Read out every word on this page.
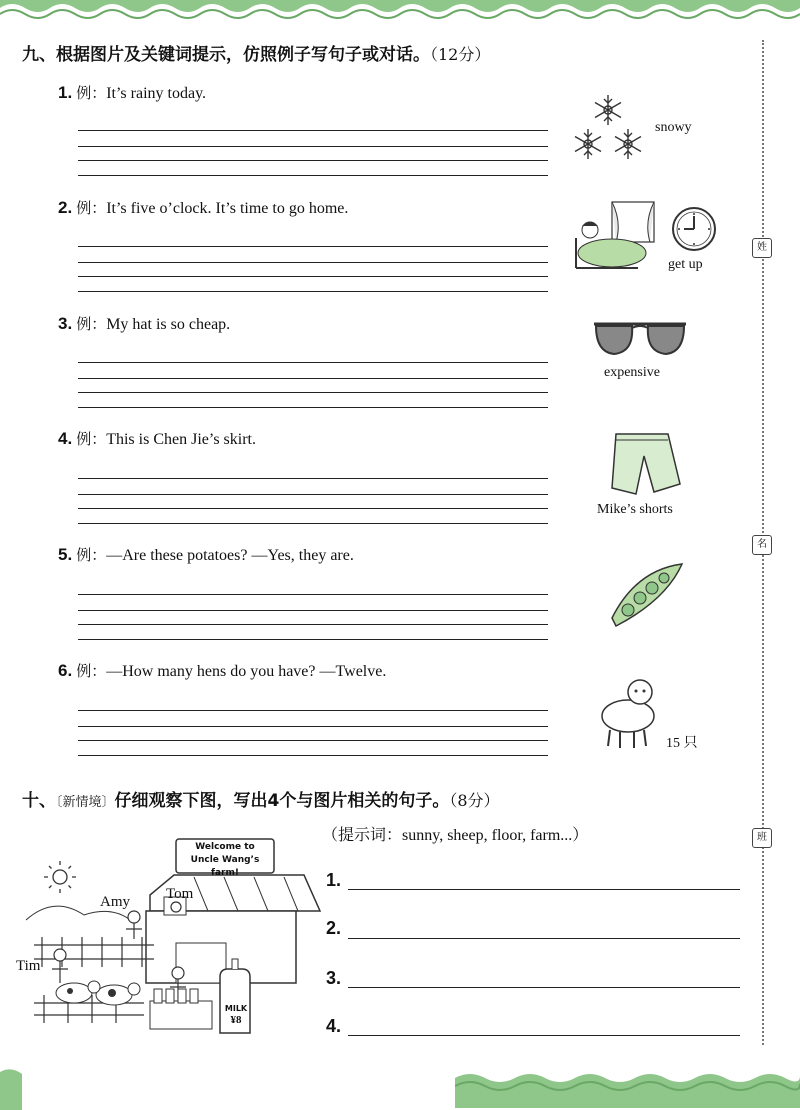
姓
名
班
九、根据图片及关键词提示，仿照例子写句子或对话。（12分）
1. 例：It’s rainy today.
2. 例：It’s five o’clock. It’s time to go home.
3. 例：My hat is so cheap.
4. 例：This is Chen Jie’s skirt.
5. 例：—Are these potatoes? —Yes, they are.
6. 例：—How many hens do you have? —Twelve.
snowy
get up
expensive
Mike’s shorts
15 只
十、〔新情境〕仔细观察下图，写出4个与图片相关的句子。（8分）
（提示词：sunny, sheep, floor, farm...）
Welcome to
Uncle Wang’s farm!
Amy Tom
Tim
MILK
¥8
1.
2.
3.
4.
